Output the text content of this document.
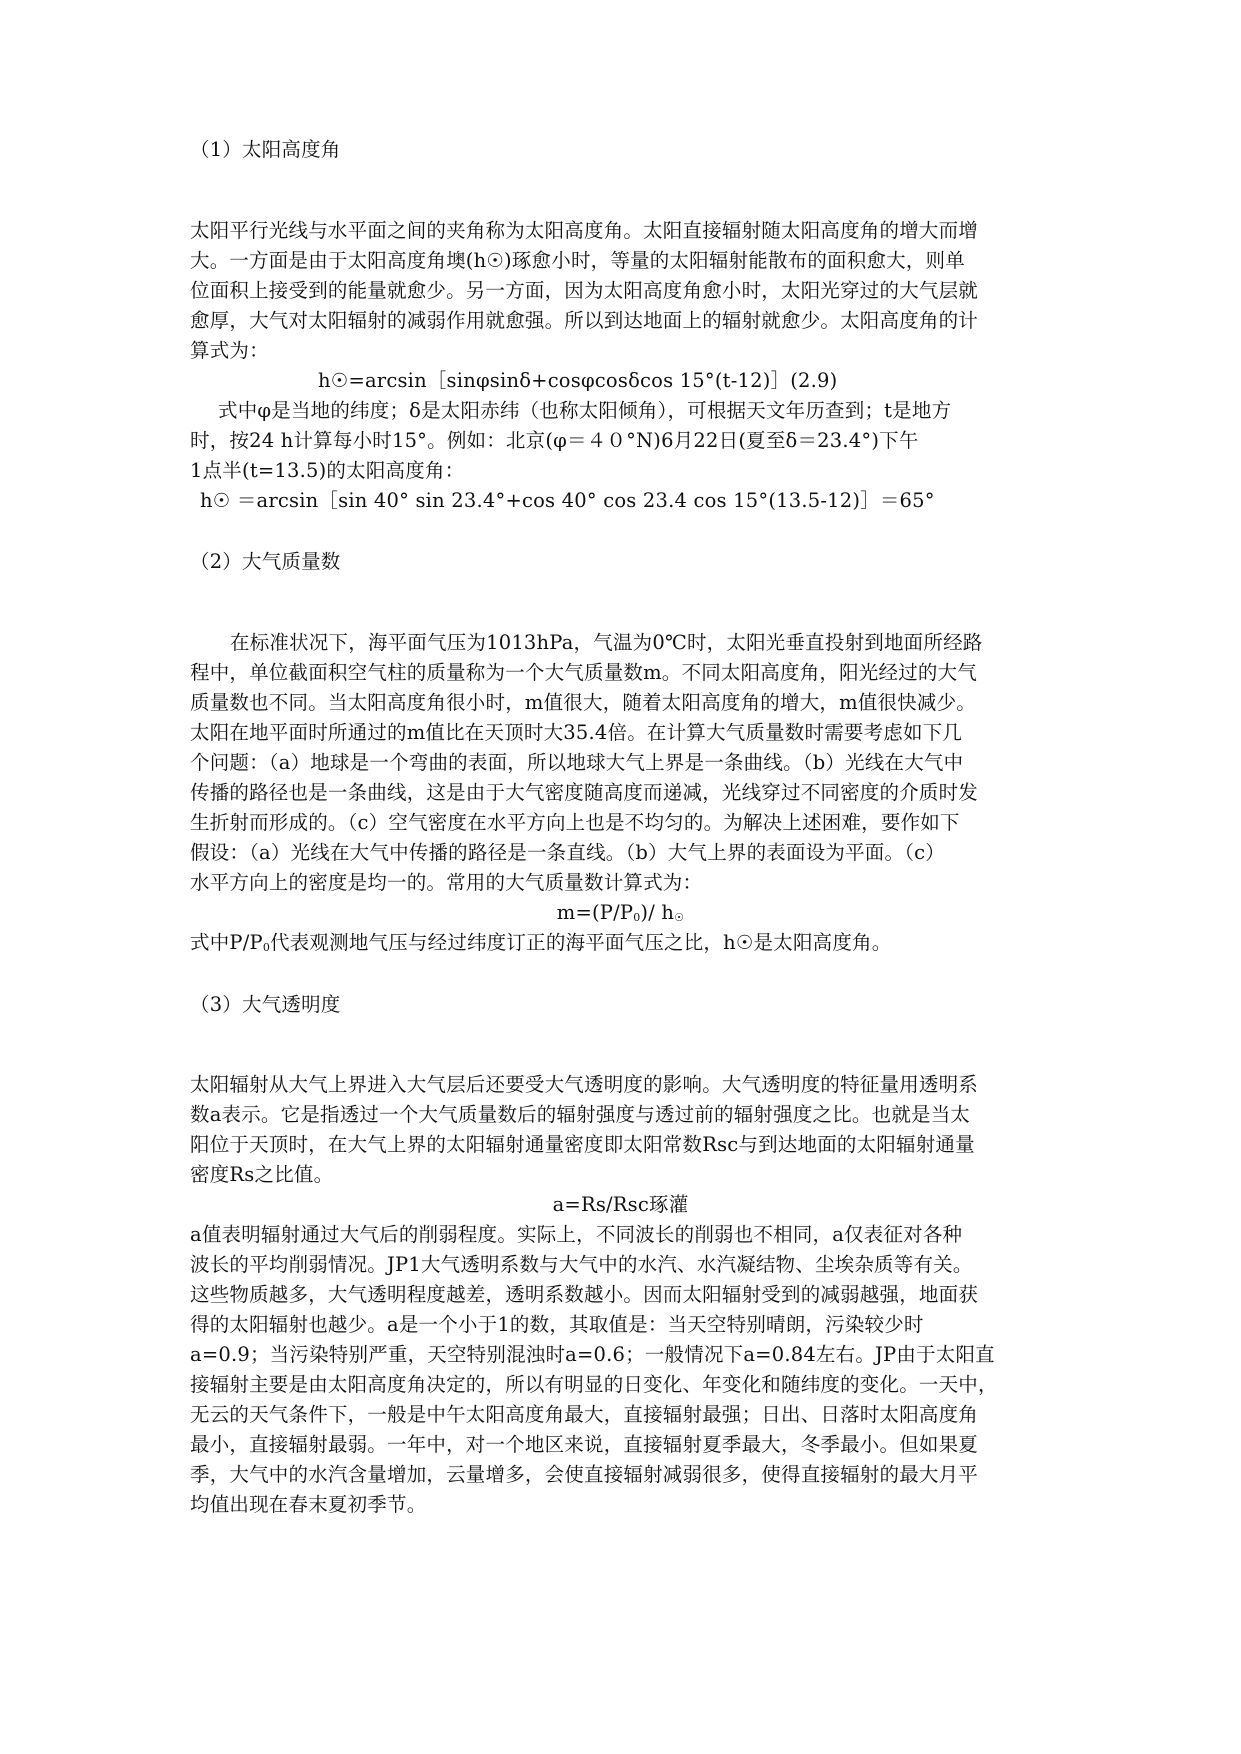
（1）太阳高度角
太阳平行光线与水平面之间的夹角称为太阳高度角。太阳直接辐射随太阳高度角的增大而增
大。一方面是由于太阳高度角墺(h☉)琢愈小时，等量的太阳辐射能散布的面积愈大，则单
位面积上接受到的能量就愈少。另一方面，因为太阳高度角愈小时，太阳光穿过的大气层就
愈厚，大气对太阳辐射的减弱作用就愈强。所以到达地面上的辐射就愈少。太阳高度角的计
算式为：
h☉=arcsin［sinφsinδ+cosφcosδcos 15°(t-12)］(2.9)
式中φ是当地的纬度；δ是太阳赤纬（也称太阳倾角），可根据天文年历查到；t是地方
时，按24 h计算每小时15°。例如：北京(φ＝４０°N)6月22日(夏至δ＝23.4°)下午
1点半(t=13.5)的太阳高度角：
h☉ ＝arcsin［sin 40° sin 23.4°+cos 40° cos 23.4 cos 15°(13.5-12)］＝65°
（2）大气质量数
在标准状况下，海平面气压为1013hPa，气温为0℃时，太阳光垂直投射到地面所经路
程中，单位截面积空气柱的质量称为一个大气质量数m。不同太阳高度角，阳光经过的大气
质量数也不同。当太阳高度角很小时，m值很大，随着太阳高度角的增大，m值很快减少。
太阳在地平面时所通过的m值比在天顶时大35.4倍。在计算大气质量数时需要考虑如下几
个问题：（a）地球是一个弯曲的表面，所以地球大气上界是一条曲线。（b）光线在大气中
传播的路径也是一条曲线，这是由于大气密度随高度而递减，光线穿过不同密度的介质时发
生折射而形成的。（c）空气密度在水平方向上也是不均匀的。为解决上述困难，要作如下
假设：（a）光线在大气中传播的路径是一条直线。（b）大气上界的表面设为平面。（c）
水平方向上的密度是均一的。常用的大气质量数计算式为：
$m=(P/P_0)/$ $h_☉$
式中$P/P_0$代表观测地气压与经过纬度订正的海平面气压之比，h☉是太阳高度角。
（3）大气透明度
太阳辐射从大气上界进入大气层后还要受大气透明度的影响。大气透明度的特征量用透明系
数a表示。它是指透过一个大气质量数后的辐射强度与透过前的辐射强度之比。也就是当太
阳位于天顶时，在大气上界的太阳辐射通量密度即太阳常数Rsc与到达地面的太阳辐射通量
密度Rs之比值。
a=Rs/Rsc琢灌
a值表明辐射通过大气后的削弱程度。实际上，不同波长的削弱也不相同，a仅表征对各种
波长的平均削弱情况。JP1大气透明系数与大气中的水汽、水汽凝结物、尘埃杂质等有关。
这些物质越多，大气透明程度越差，透明系数越小。因而太阳辐射受到的减弱越强，地面获
得的太阳辐射也越少。a是一个小于1的数，其取值是：当天空特别晴朗，污染较少时
a=0.9；当污染特别严重，天空特别混浊时a=0.6；一般情况下a=0.84左右。JP由于太阳直
接辐射主要是由太阳高度角决定的，所以有明显的日变化、年变化和随纬度的变化。一天中，
无云的天气条件下，一般是中午太阳高度角最大，直接辐射最强；日出、日落时太阳高度角
最小，直接辐射最弱。一年中，对一个地区来说，直接辐射夏季最大，冬季最小。但如果夏
季，大气中的水汽含量增加，云量增多，会使直接辐射减弱很多，使得直接辐射的最大月平
均值出现在春末夏初季节。
